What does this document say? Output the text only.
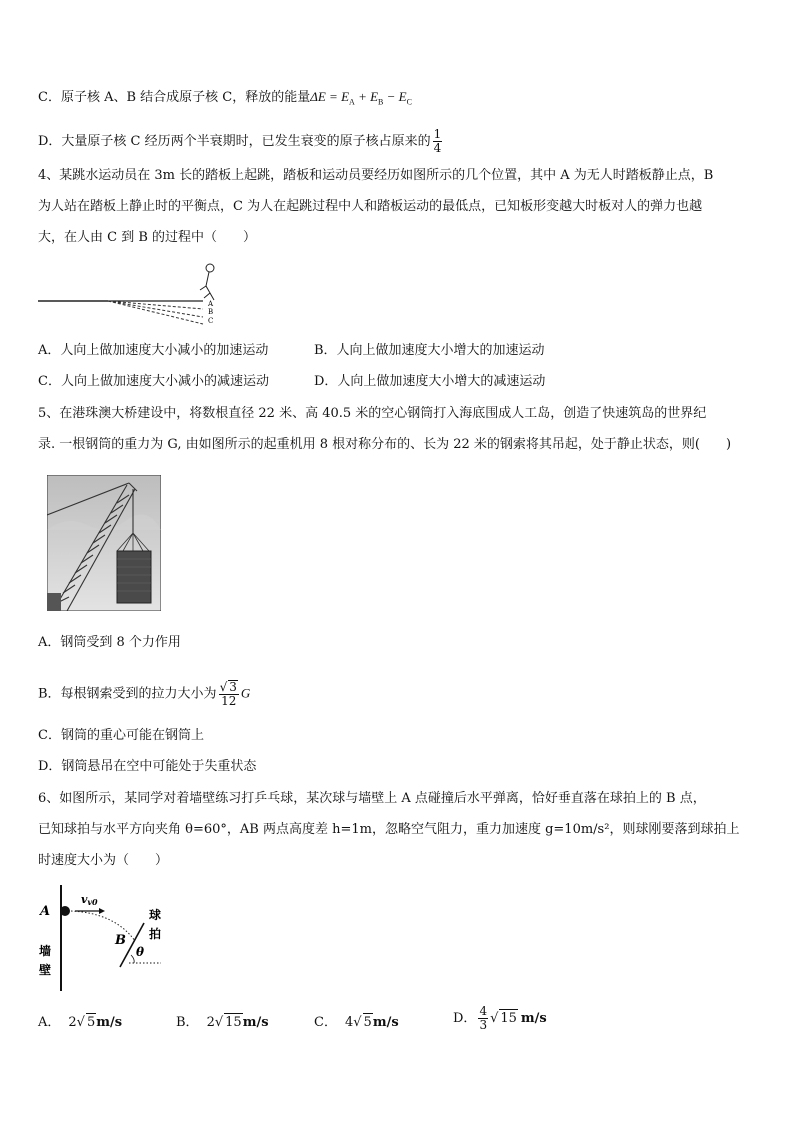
C．原子核 A、B 结合成原子核 C，释放的能量$\Delta E = E_A + E_B - E_C$
D．大量原子核 C 经历两个半衰期时，已发生衰变的原子核占原来的 $\frac{1}{4}$
4、某跳水运动员在 3m 长的踏板上起跳，踏板和运动员要经历如图所示的几个位置，其中 A 为无人时踏板静止点，B
为人站在踏板上静止时的平衡点，C 为人在起跳过程中人和踏板运动的最低点，已知板形变越大时板对人的弹力也越
大，在人由 C 到 B 的过程中（　　）
A
B
C
A．人向上做加速度大小减小的加速运动	B．人向上做加速度大小增大的加速运动
C．人向上做加速度大小减小的减速运动	D．人向上做加速度大小增大的减速运动
5、在港珠澳大桥建设中，将数根直径 22 米、高 40.5 米的空心钢筒打入海底围成人工岛，创造了快速筑岛的世界纪
录. 一根钢筒的重力为 G, 由如图所示的起重机用 8 根对称分布的、长为 22 米的钢索将其吊起，处于静止状态，则(　　)
A．钢筒受到 8 个力作用
B．每根钢索受到的拉力大小为 $\frac{√ 3}{12}$ G
C．钢筒的重心可能在钢筒上
D．钢筒悬吊在空中可能处于失重状态
6、如图所示，某同学对着墙壁练习打乒乓球，某次球与墙壁上 A 点碰撞后水平弹离，恰好垂直落在球拍上的 B 点，
已知球拍与水平方向夹角 θ=60°，AB 两点高度差 h=1m，忽略空气阻力，重力加速度 g=10m/s²，则球刚要落到球拍上
时速度大小为（　　）
A
vv0
B
θ
球
拍
墙
壁
A． 2√ 5m/s	B． 2√ 15m/s	C． 4√ 5m/s	D． $\frac{4}{3}$ √ 15 m/s
